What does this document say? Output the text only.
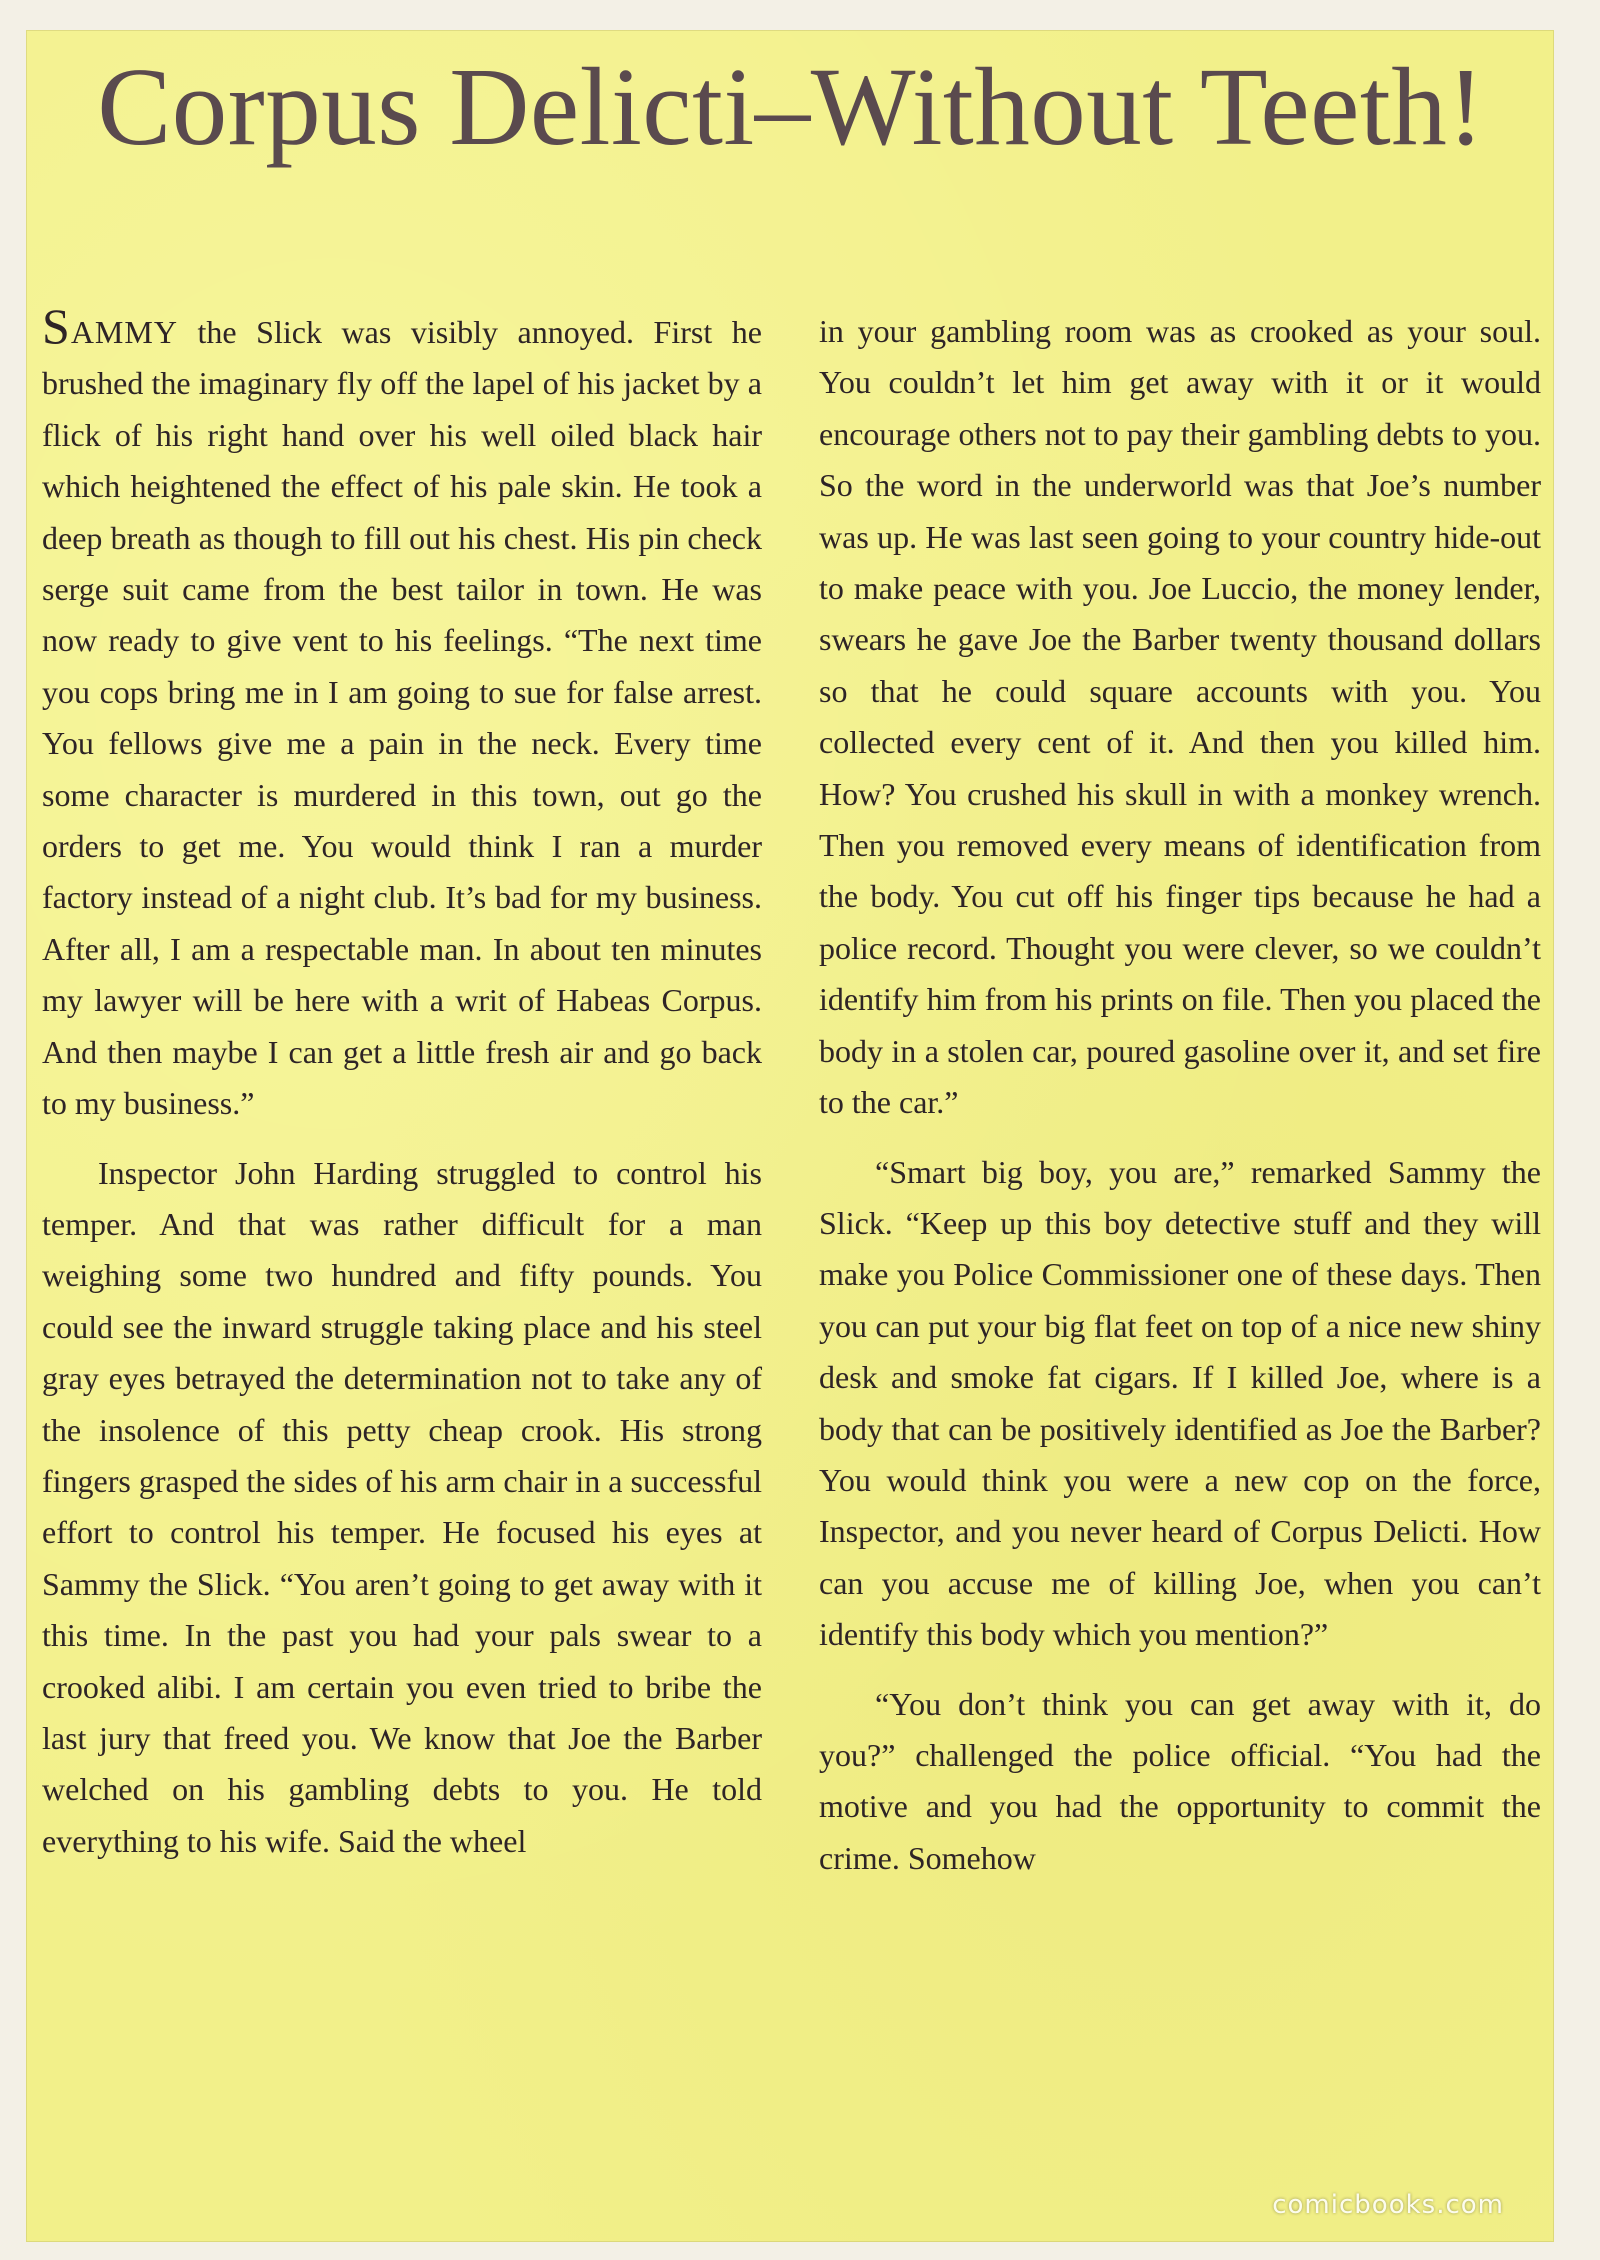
Corpus Delicti–Without Teeth!

SAMMY the Slick was visibly annoyed. First he brushed the imaginary fly off the lapel of his jacket by a flick of his right hand over his well oiled black hair which heightened the effect of his pale skin. He took a deep breath as though to fill out his chest. His pin check serge suit came from the best tailor in town. He was now ready to give vent to his feelings. “The next time you cops bring me in I am going to sue for false arrest. You fellows give me a pain in the neck. Every time some character is murdered in this town, out go the orders to get me. You would think I ran a murder factory instead of a night club. It’s bad for my business. After all, I am a respectable man. In about ten minutes my lawyer will be here with a writ of Habeas Corpus. And then maybe I can get a little fresh air and go back to my business.”

Inspector John Harding struggled to control his temper. And that was rather difficult for a man weighing some two hundred and fifty pounds. You could see the inward struggle taking place and his steel gray eyes betrayed the determination not to take any of the insolence of this petty cheap crook. His strong fingers grasped the sides of his arm chair in a successful effort to control his temper. He focused his eyes at Sammy the Slick. “You aren’t going to get away with it this time. In the past you had your pals swear to a crooked alibi. I am certain you even tried to bribe the last jury that freed you. We know that Joe the Barber welched on his gambling debts to you. He told everything to his wife. Said the wheel

in your gambling room was as crooked as your soul. You couldn’t let him get away with it or it would encourage others not to pay their gambling debts to you. So the word in the underworld was that Joe’s number was up. He was last seen going to your country hide-out to make peace with you. Joe Luccio, the money lender, swears he gave Joe the Barber twenty thousand dollars so that he could square accounts with you. You collected every cent of it. And then you killed him. How? You crushed his skull in with a monkey wrench. Then you removed every means of identification from the body. You cut off his finger tips because he had a police record. Thought you were clever, so we couldn’t identify him from his prints on file. Then you placed the body in a stolen car, poured gasoline over it, and set fire to the car.”

“Smart big boy, you are,” remarked Sammy the Slick. “Keep up this boy detective stuff and they will make you Police Commissioner one of these days. Then you can put your big flat feet on top of a nice new shiny desk and smoke fat cigars. If I killed Joe, where is a body that can be positively identified as Joe the Barber? You would think you were a new cop on the force, Inspector, and you never heard of Corpus Delicti. How can you accuse me of killing Joe, when you can’t identify this body which you mention?”

“You don’t think you can get away with it, do you?” challenged the police official. “You had the motive and you had the opportunity to commit the crime. Somehow

comicbooks.com
